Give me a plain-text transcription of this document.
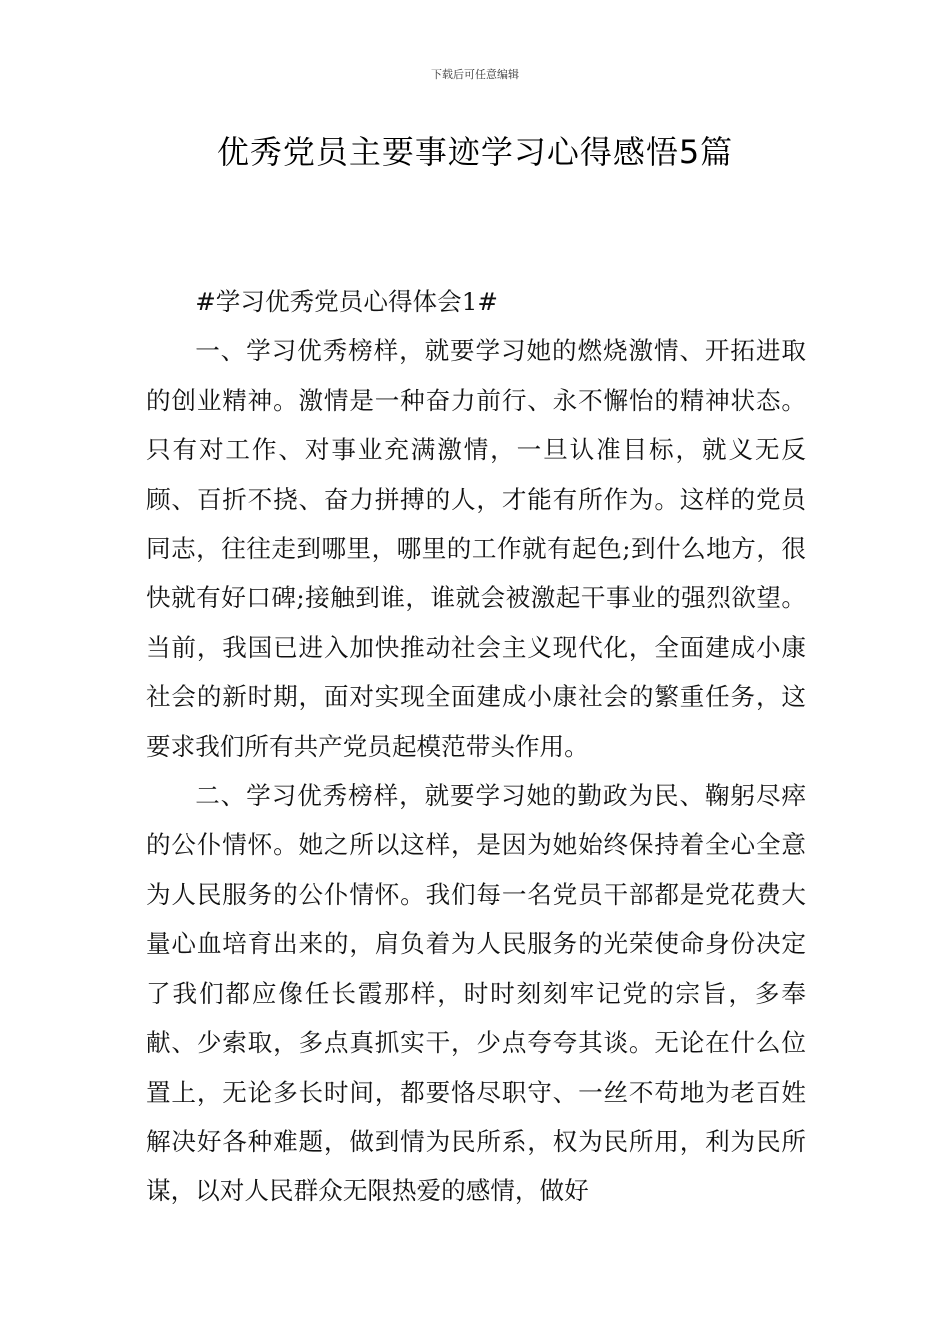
下载后可任意编辑
优秀党员主要事迹学习心得感悟5篇

#学习优秀党员心得体会1#

一、学习优秀榜样，就要学习她的燃烧激情、开拓进取的创业精神。激情是一种奋力前行、永不懈怡的精神状态。只有对工作、对事业充满激情，一旦认准目标，就义无反顾、百折不挠、奋力拼搏的人，才能有所作为。这样的党员同志，往往走到哪里，哪里的工作就有起色;到什么地方，很快就有好口碑;接触到谁，谁就会被激起干事业的强烈欲望。当前，我国已进入加快推动社会主义现代化，全面建成小康社会的新时期，面对实现全面建成小康社会的繁重任务，这要求我们所有共产党员起模范带头作用。

二、学习优秀榜样，就要学习她的勤政为民、鞠躬尽瘁的公仆情怀。她之所以这样，是因为她始终保持着全心全意为人民服务的公仆情怀。我们每一名党员干部都是党花费大量心血培育出来的，肩负着为人民服务的光荣使命身份决定了我们都应像任长霞那样，时时刻刻牢记党的宗旨，多奉献、少索取，多点真抓实干，少点夸夸其谈。无论在什么位置上，无论多长时间，都要恪尽职守、一丝不苟地为老百姓解决好各种难题，做到情为民所系，权为民所用，利为民所谋，以对人民群众无限热爱的感情，做好
